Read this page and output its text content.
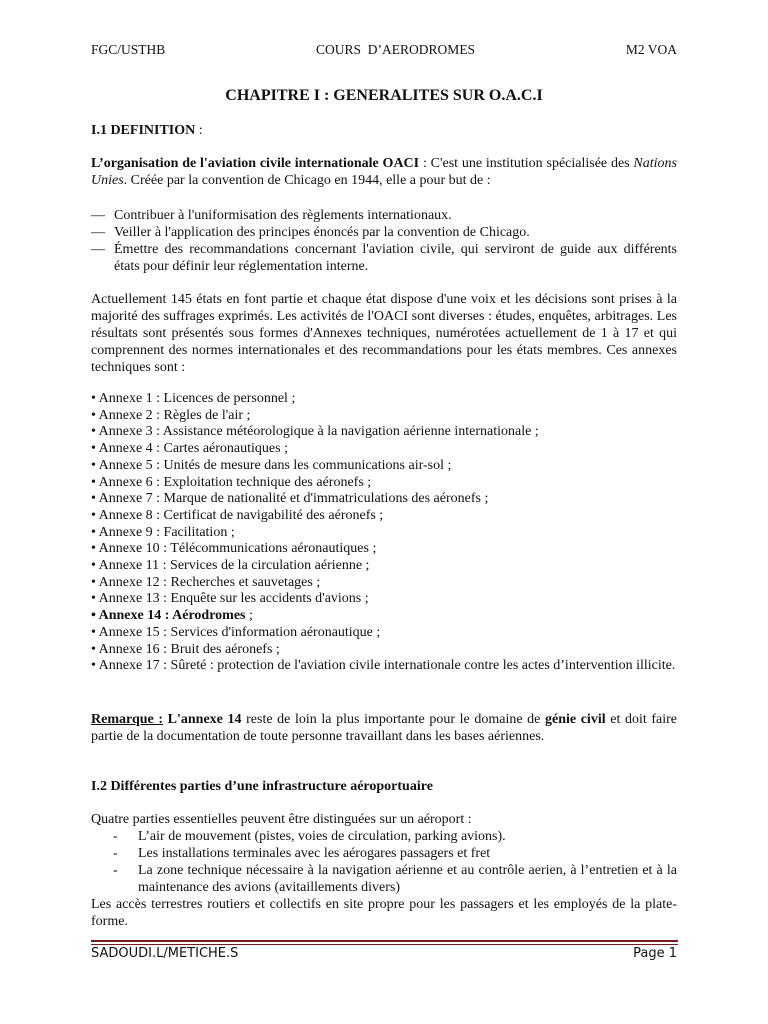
FGC/USTHB	COURS  D’AERODROMES	M2 VOA
CHAPITRE I : GENERALITES SUR O.A.C.I

I.1 DEFINITION :

L’organisation de l'aviation civile internationale OACI : C'est une institution spécialisée des Nations Unies. Créée par la convention de Chicago en 1944, elle a pour but de :

— Contribuer à l'uniformisation des règlements internationaux.
— Veiller à l'application des principes énoncés par la convention de Chicago.
— Émettre des recommandations concernant l'aviation civile, qui serviront de guide aux différents états pour définir leur réglementation interne.

Actuellement 145 états en font partie et chaque état dispose d'une voix et les décisions sont prises à la majorité des suffrages exprimés. Les activités de l'OACI sont diverses : études, enquêtes, arbitrages. Les résultats sont présentés sous formes d'Annexes techniques, numérotées actuellement de 1 à 17 et qui comprennent des normes internationales et des recommandations pour les états membres. Ces annexes techniques sont :

• Annexe 1 : Licences de personnel ;

• Annexe 2 : Règles de l'air ;

• Annexe 3 : Assistance météorologique à la navigation aérienne internationale ;

• Annexe 4 : Cartes aéronautiques ;

• Annexe 5 : Unités de mesure dans les communications air-sol ;

• Annexe 6 : Exploitation technique des aéronefs ;

• Annexe 7 : Marque de nationalité et d'immatriculations des aéronefs ;

• Annexe 8 : Certificat de navigabilité des aéronefs ;

• Annexe 9 : Facilitation ;

• Annexe 10 : Télécommunications aéronautiques ;

• Annexe 11 : Services de la circulation aérienne ;

• Annexe 12 : Recherches et sauvetages ;

• Annexe 13 : Enquête sur les accidents d'avions ;

• Annexe 14 : Aérodromes ;

• Annexe 15 : Services d'information aéronautique ;

• Annexe 16 : Bruit des aéronefs ;

• Annexe 17 : Sûreté : protection de l'aviation civile internationale contre les actes d’intervention illicite.

Remarque : L'annexe 14 reste de loin la plus importante pour le domaine de génie civil et doit faire partie de la documentation de toute personne travaillant dans les bases aériennes.

I.2 Différentes parties d’une infrastructure aéroportuaire

Quatre parties essentielles peuvent être distinguées sur un aéroport :

- L’air de mouvement (pistes, voies de circulation, parking avions).
- Les installations terminales avec les aérogares passagers et fret
- La zone technique nécessaire à la navigation aérienne et au contrôle aerien, à l’entretien et à la maintenance des avions (avitaillements divers)

Les accès terrestres routiers et collectifs en site propre pour les passagers et les employés de la plate-forme.

SADOUDI.L/METICHE.S	Page 1
